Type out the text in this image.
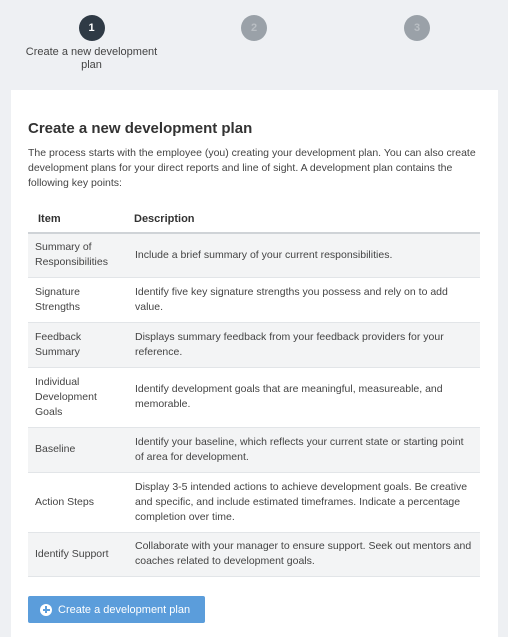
1
Create a new development plan
2	3
Create a new development plan

The process starts with the employee (you) creating your development plan. You can also create development plans for your direct reports and line of sight. A development plan contains the following key points:

Item	Description
Summary of Responsibilities	Include a brief summary of your current responsibilities.
Signature Strengths	Identify five key signature strengths you possess and rely on to add value.
Feedback Summary	Displays summary feedback from your feedback providers for your reference.
Individual Development Goals	Identify development goals that are meaningful, measureable, and memorable.
Baseline	Identify your baseline, which reflects your current state or starting point of area for development.
Action Steps	Display 3-5 intended actions to achieve development goals. Be creative and specific, and include estimated timeframes. Indicate a percentage completion over time.
Identify Support	Collaborate with your manager to ensure support. Seek out mentors and coaches related to development goals.
Create a development plan
